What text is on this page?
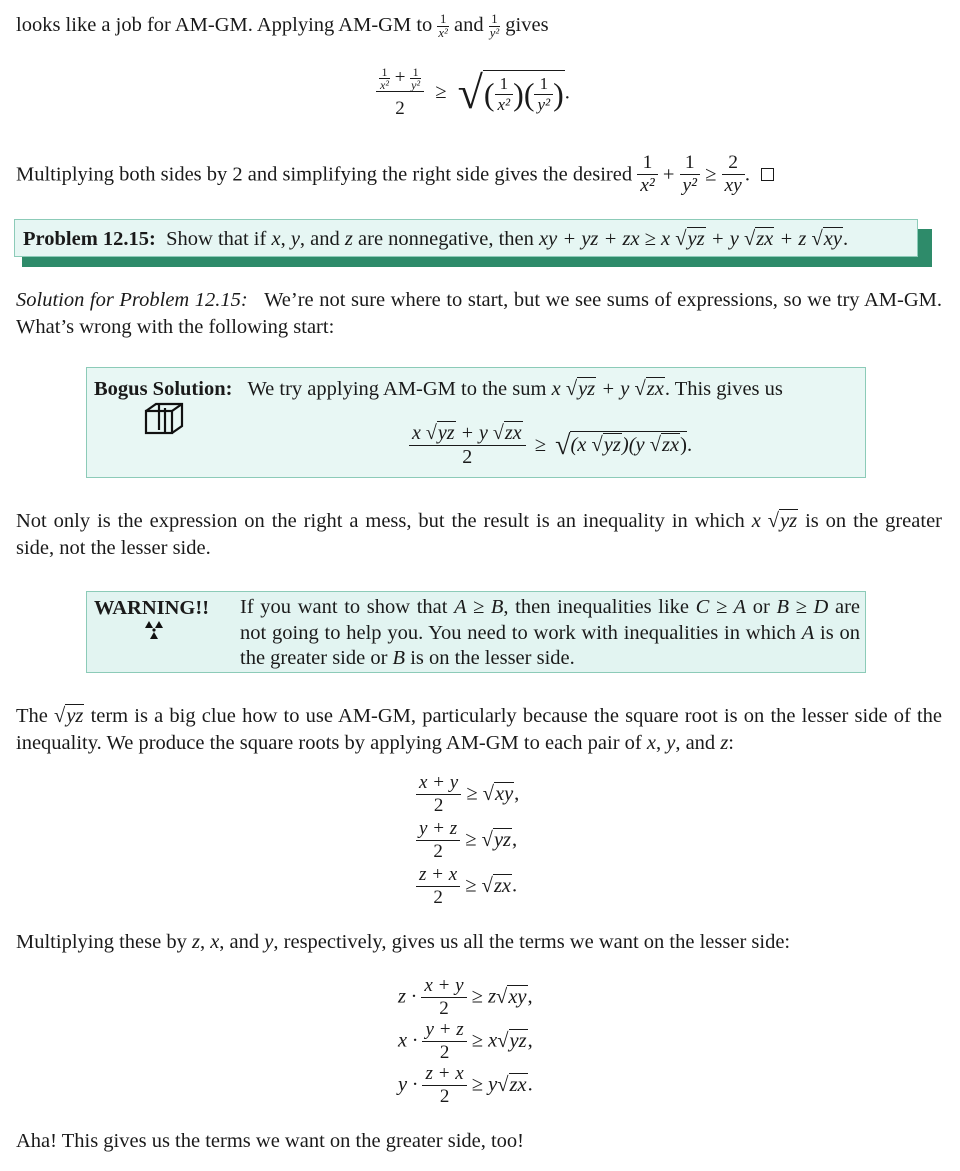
looks like a job for AM-GM. Applying AM-GM to $\frac{1}{\text{x²}}$ and $\frac{1}{\text{y²}}$ gives
$\frac{\frac{1}{\text{x²}} + \frac{1}{\text{y²}}}{2}$ ≥ √( $\frac{1}{\text{x²}}$ )( $\frac{1}{\text{y²}}$ ).
Multiplying both sides by 2 and simplifying the right side gives the desired $\frac{1}{\text{x²}} + \frac{1}{\text{y²}} \ge \frac{2}{xy}$ .
Problem 12.15: Show that if x, y, and z are nonnegative, then xy + yz + zx ≥ x √yz + y √zx + z √xy.
Solution for Problem 12.15: We’re not sure where to start, but we see sums of expressions, so we try AM-GM. What’s wrong with the following start:
Bogus Solution: We try applying AM-GM to the sum x √yz + y √zx. This gives us
$\frac{x √yz + y √zx}{2} \ge √(x$ √yz)(y √zx).
Not only is the expression on the right a mess, but the result is an inequality in which x √yz is on the greater side, not the lesser side.
WARNING!! If you want to show that A ≥ B, then inequalities like C ≥ A or B ≥ D are not going to help you. You need to work with inequalities in which A is on the greater side or B is on the lesser side.
The √yz term is a big clue how to use AM-GM, particularly because the square root is on the lesser side of the inequality. We produce the square roots by applying AM-GM to each pair of x, y, and z:
$\frac{x + y}{2} \ge √xy$,
$\frac{y + z}{2} \ge √yz$,
$\frac{z + x}{2} \ge √zx$.
Multiplying these by z, x, and y, respectively, gives us all the terms we want on the lesser side:
$z \cdot \frac{x + y}{2} \ge z√xy$,
$x \cdot \frac{y + z}{2} \ge x√yz$,
$y \cdot \frac{z + x}{2} \ge y√zx$.
Aha! This gives us the terms we want on the greater side, too!
